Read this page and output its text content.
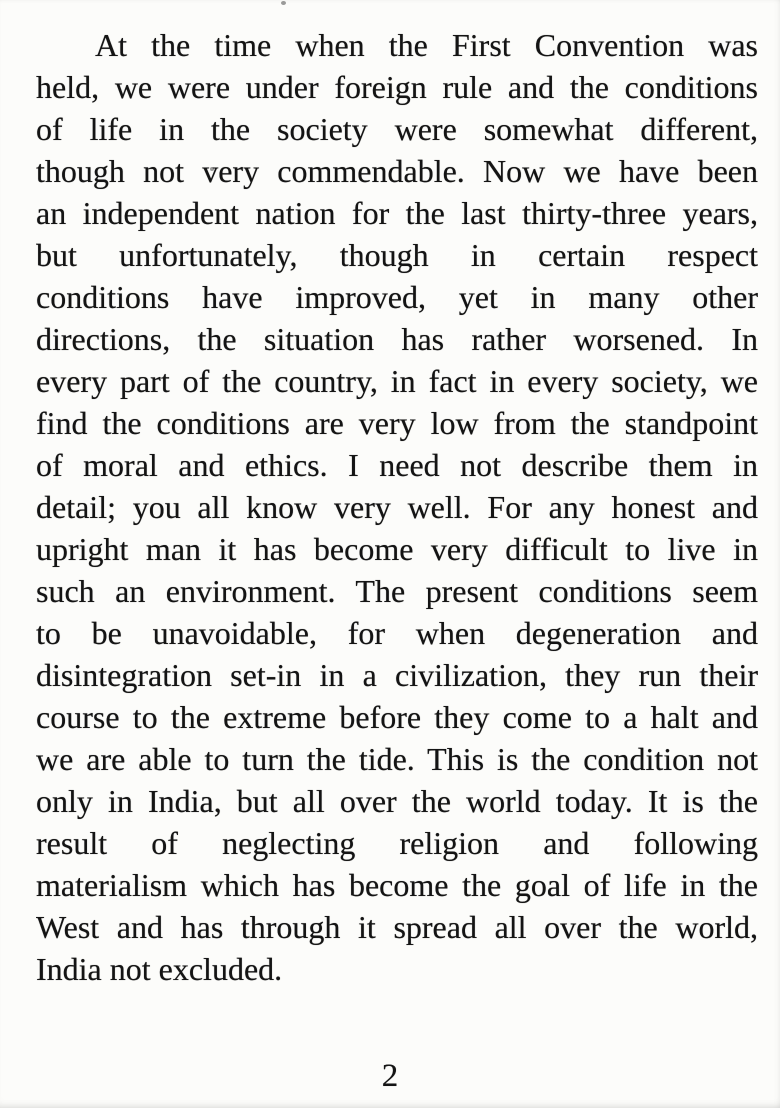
At the time when the First Convention was
held, we were under foreign rule and the conditions
of life in the society were somewhat different,
though not very commendable. Now we have been
an independent nation for the last thirty-three years,
but unfortunately, though in certain respect
conditions have improved, yet in many other
directions, the situation has rather worsened. In
every part of the country, in fact in every society, we
find the conditions are very low from the standpoint
of moral and ethics. I need not describe them in
detail; you all know very well. For any honest and
upright man it has become very difficult to live in
such an environment. The present conditions seem
to be unavoidable, for when degeneration and
disintegration set-in in a civilization, they run their
course to the extreme before they come to a halt and
we are able to turn the tide. This is the condition not
only in India, but all over the world today. It is the
result of neglecting religion and following
materialism which has become the goal of life in the
West and has through it spread all over the world,
India not excluded.
2
